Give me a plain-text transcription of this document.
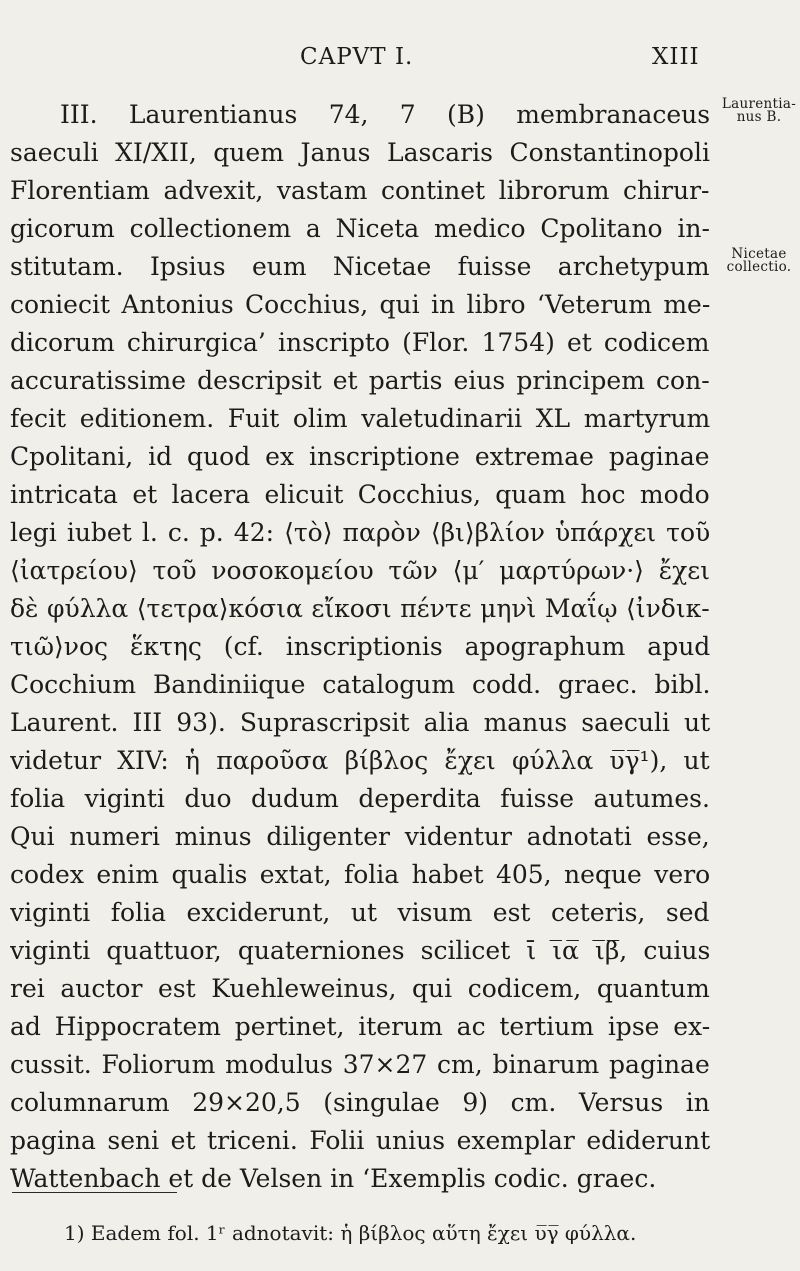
CAPVT I.	XIII
Laurentia-
nus B.
Nicetae
collectio.
III. Laurentianus 74, 7 (B) membranaceus
saeculi XI/XII, quem Janus Lascaris Constantinopoli
Florentiam advexit, vastam continet librorum chirur-
gicorum collectionem a Niceta medico Cpolitano in-
stitutam. Ipsius eum Nicetae fuisse archetypum
coniecit Antonius Cocchius, qui in libro ‘Veterum me-
dicorum chirurgica’ inscripto (Flor. 1754) et codicem
accuratissime descripsit et partis eius principem con-
fecit editionem. Fuit olim valetudinarii XL martyrum
Cpolitani, id quod ex inscriptione extremae paginae
intricata et lacera elicuit Cocchius, quam hoc modo
legi iubet l. c. p. 42: ⟨τὸ⟩ παρὸν ⟨βι⟩βλίον ὑπάρχει τοῦ
⟨ἰατρείου⟩ τοῦ νοσοκομείου τῶν ⟨μ′ μαρτύρων·⟩ ἔχει
δὲ φύλλα ⟨τετρα⟩κόσια εἴκοσι πέντε μηνὶ Μαΐῳ ⟨ἰνδικ-
τιῶ⟩νος ἕκτης (cf. inscriptionis apographum apud
Cocchium Bandiniique catalogum codd. graec. bibl.
Laurent. III 93). Suprascripsit alia manus saeculi ut
videtur XIV: ἡ παροῦσα βίβλος ἔχει φύλλα υ̅γ̅¹), ut
folia viginti duo dudum deperdita fuisse autumes.
Qui numeri minus diligenter videntur adnotati esse,
codex enim qualis extat, folia habet 405, neque vero
viginti folia exciderunt, ut visum est ceteris, sed
viginti quattuor, quaterniones scilicet ῑ ι̅α̅ ι̅β̅, cuius
rei auctor est Kuehleweinus, qui codicem, quantum
ad Hippocratem pertinet, iterum ac tertium ipse ex-
cussit. Foliorum modulus 37×27 cm, binarum paginae
columnarum 29×20,5 (singulae 9) cm. Versus in
pagina seni et triceni. Folii unius exemplar ediderunt
Wattenbach et de Velsen in ‘Exemplis codic. graec.
1) Eadem fol. 1ʳ adnotavit: ἡ βίβλος αὕτη ἔχει υ̅γ̅ φύλλα.
